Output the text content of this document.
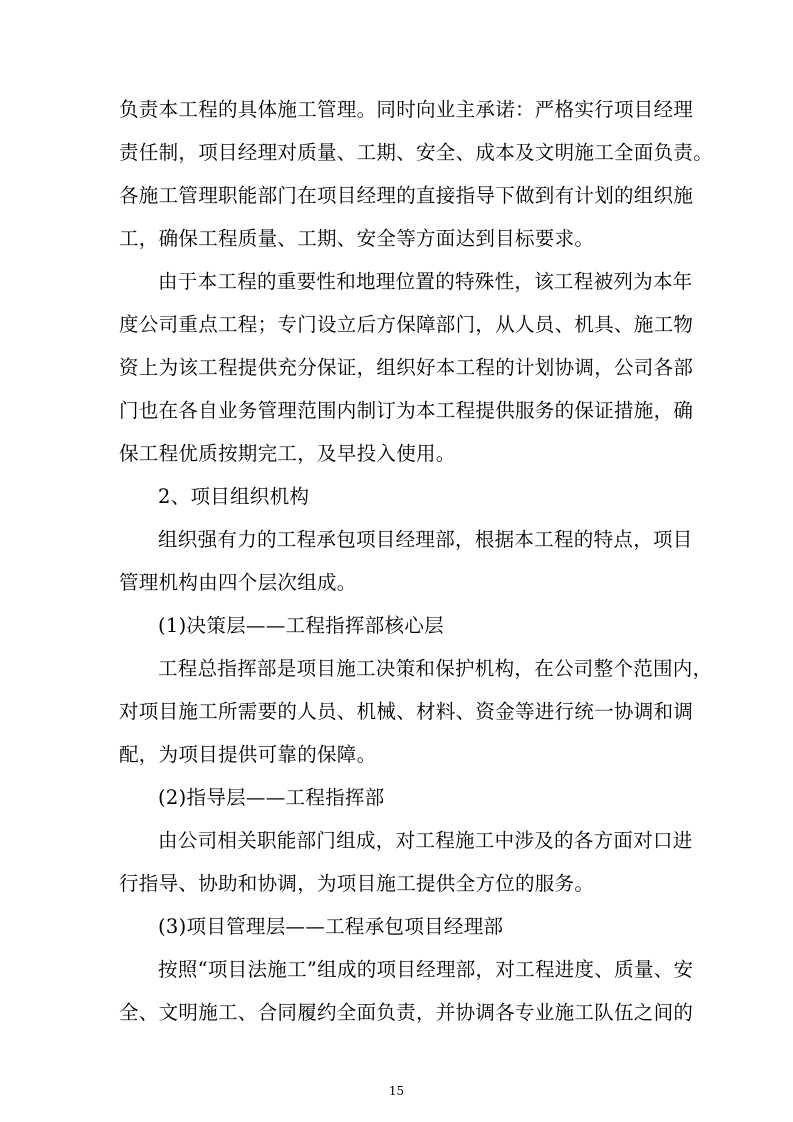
负责本工程的具体施工管理。同时向业主承诺：严格实行项目经理
责任制，项目经理对质量、工期、安全、成本及文明施工全面负责。
各施工管理职能部门在项目经理的直接指导下做到有计划的组织施
工，确保工程质量、工期、安全等方面达到目标要求。
由于本工程的重要性和地理位置的特殊性，该工程被列为本年
度公司重点工程；专门设立后方保障部门，从人员、机具、施工物
资上为该工程提供充分保证，组织好本工程的计划协调，公司各部
门也在各自业务管理范围内制订为本工程提供服务的保证措施，确
保工程优质按期完工，及早投入使用。
2、项目组织机构
组织强有力的工程承包项目经理部，根据本工程的特点，项目
管理机构由四个层次组成。
(1)决策层——工程指挥部核心层
工程总指挥部是项目施工决策和保护机构，在公司整个范围内，
对项目施工所需要的人员、机械、材料、资金等进行统一协调和调
配，为项目提供可靠的保障。
(2)指导层——工程指挥部
由公司相关职能部门组成，对工程施工中涉及的各方面对口进
行指导、协助和协调，为项目施工提供全方位的服务。
(3)项目管理层——工程承包项目经理部
按照“项目法施工”组成的项目经理部，对工程进度、质量、安
全、文明施工、合同履约全面负责，并协调各专业施工队伍之间的
15
